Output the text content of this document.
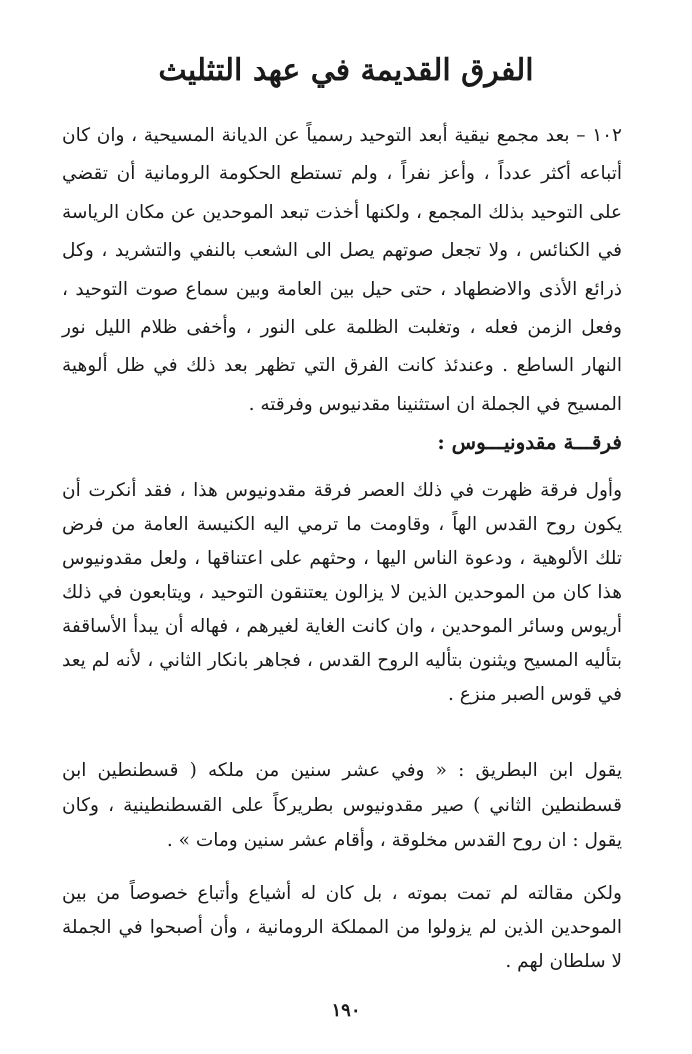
الفرق القديمة في عهد التثليث

١٠٢ – بعد مجمع نيقية أبعد التوحيد رسمياً عن الديانة المسيحية ، وان كان أتباعه أكثر عدداً ، وأعز نفراً ، ولم تستطع الحكومة الرومانية أن تقضي على التوحيد بذلك المجمع ، ولكنها أخذت تبعد الموحدين عن مكان الرياسة في الكنائس ، ولا تجعل صوتهم يصل الى الشعب بالنفي والتشريد ، وكل ذرائع الأذى والاضطهاد ، حتى حيل بين العامة وبين سماع صوت التوحيد ، وفعل الزمن فعله ، وتغلبت الظلمة على النور ، وأخفى ظلام الليل نور النهار الساطع . وعندئذ كانت الفرق التي تظهر بعد ذلك في ظل ألوهية المسيح في الجملة ان استثنينا مقدنيوس وفرقته .

فرقـــة مقدونيـــوس :

وأول فرقة ظهرت في ذلك العصر فرقة مقدونيوس هذا ، فقد أنكرت أن يكون روح القدس الهاً ، وقاومت ما ترمي اليه الكنيسة العامة من فرض تلك الألوهية ، ودعوة الناس اليها ، وحثهم على اعتناقها ، ولعل مقدونيوس هذا كان من الموحدين الذين لا يزالون يعتنقون التوحيد ، ويتابعون في ذلك أريوس وسائر الموحدين ، وان كانت الغاية لغيرهم ، فهاله أن يبدأ الأساقفة بتأليه المسيح ويثنون بتأليه الروح القدس ، فجاهر بانكار الثاني ، لأنه لم يعد في قوس الصبر منزع .

يقول ابن البطريق : « وفي عشر سنين من ملكه ( قسطنطين ابن قسطنطين الثاني ) صير مقدونيوس بطريركاً على القسطنطينية ، وكان يقول : ان روح القدس مخلوقة ، وأقام عشر سنين ومات » .

ولكن مقالته لم تمت بموته ، بل كان له أشياع وأتباع خصوصاً من بين الموحدين الذين لم يزولوا من المملكة الرومانية ، وأن أصبحوا في الجملة لا سلطان لهم .

١٩٠
